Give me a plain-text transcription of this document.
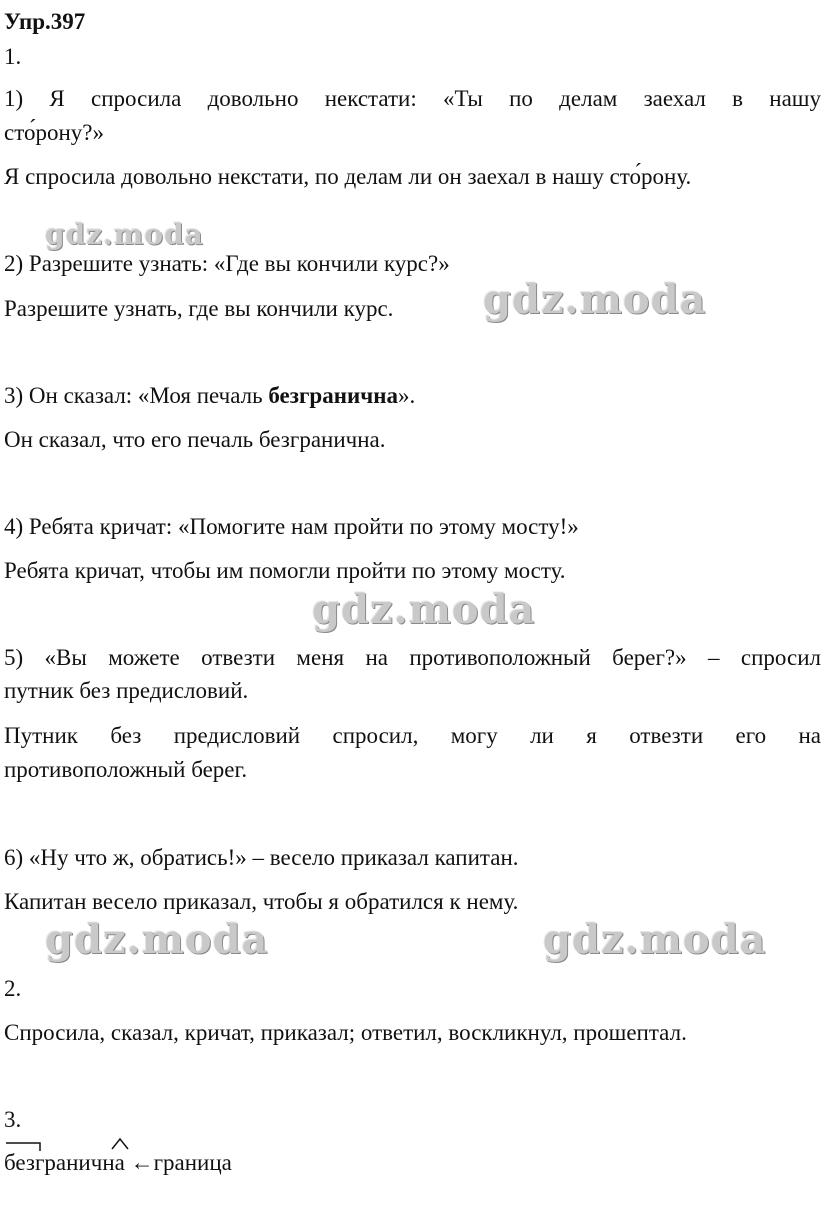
Упр.397
1.
1) Я спросила довольно некстати: «Ты по делам заехал в нашу
сто́рону?»
Я спросила довольно некстати, по делам ли он заехал в нашу сто́рону.
2) Разрешите узнать: «Где вы кончили курс?»
Разрешите узнать, где вы кончили курс.
3) Он сказал: «Моя печаль безгранична».
Он сказал, что его печаль безгранична.
4) Ребята кричат: «Помогите нам пройти по этому мосту!»
Ребята кричат, чтобы им помогли пройти по этому мосту.
5) «Вы можете отвезти меня на противоположный берег?» – спросил
путник без предисловий.
Путник без предисловий спросил, могу ли я отвезти его на
противоположный берег.
6) «Ну что ж, обратись!» – весело приказал капитан.
Капитан весело приказал, чтобы я обратился к нему.
2.
Спросила, сказал, кричат, приказал; ответил, воскликнул, прошептал.
3.
безгранична ←граница
gdz.moda
gdz.moda
gdz.moda
gdz.moda	gdz.moda
